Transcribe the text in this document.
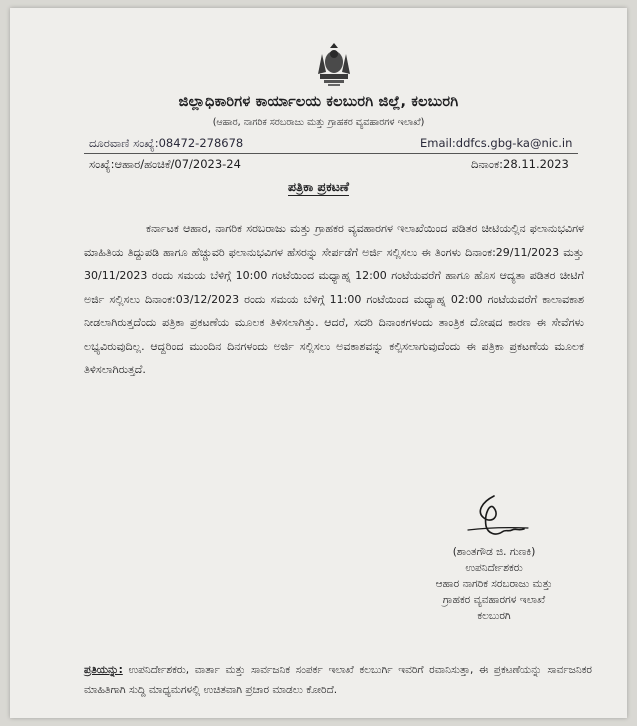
ಜಿಲ್ಲಾಧಿಕಾರಿಗಳ ಕಾರ್ಯಾಲಯ ಕಲಬುರಗಿ ಜಿಲ್ಲೆ, ಕಲಬುರಗಿ
(ಆಹಾರ, ನಾಗರಿಕ ಸರಬರಾಜು ಮತ್ತು ಗ್ರಾಹಕರ ವ್ಯವಹಾರಗಳ ಇಲಾಖೆ)
ದೂರವಾಣಿ ಸಂಖ್ಯೆ:08472-278678	Email:ddfcs.gbg-ka@nic.in
ಸಂಖ್ಯೆ:ಆಹಾರ/ಹಂಚಿಕೆ/07/2023-24	ದಿನಾಂಕ:28.11.2023
ಪತ್ರಿಕಾ ಪ್ರಕಟಣೆ

ಕರ್ನಾಟಕ ಆಹಾರ, ನಾಗರಿಕ ಸರಬರಾಜು ಮತ್ತು ಗ್ರಾಹಕರ ವ್ಯವಹಾರಗಳ ಇಲಾಖೆಯಿಂದ ಪಡಿತರ ಚೀಟಿಯಲ್ಲಿನ ಫಲಾನುಭವಿಗಳ ಮಾಹಿತಿಯ ತಿದ್ದುಪಡಿ ಹಾಗೂ ಹೆಚ್ಚುವರಿ ಫಲಾನುಭವಿಗಳ ಹೆಸರನ್ನು ಸೇರ್ಪಡೆಗೆ ಅರ್ಜಿ ಸಲ್ಲಿಸಲು ಈ ತಿಂಗಳು ದಿನಾಂಕ:29/11/2023 ಮತ್ತು 30/11/2023 ರಂದು ಸಮಯ ಬೆಳಿಗ್ಗೆ 10:00 ಗಂಟೆಯಿಂದ ಮಧ್ಯಾಹ್ನ 12:00 ಗಂಟೆಯವರೆಗೆ ಹಾಗೂ ಹೊಸ ಆದ್ಯತಾ ಪಡಿತರ ಚೀಟಿಗೆ ಅರ್ಜಿ ಸಲ್ಲಿಸಲು ದಿನಾಂಕ:03/12/2023 ರಂದು ಸಮಯ ಬೆಳಿಗ್ಗೆ 11:00 ಗಂಟೆಯಿಂದ ಮಧ್ಯಾಹ್ನ 02:00 ಗಂಟೆಯವರೆಗೆ ಕಾಲಾವಕಾಶ ನೀಡಲಾಗಿರುತ್ತದೆಂದು ಪತ್ರಿಕಾ ಪ್ರಕಟಣೆಯ ಮೂಲಕ ತಿಳಿಸಲಾಗಿತ್ತು. ಆದರೆ, ಸದರಿ ದಿನಾಂಕಗಳಂದು ತಾಂತ್ರಿಕ ದೋಷದ ಕಾರಣ ಈ ಸೇವೆಗಳು ಲಭ್ಯವಿರುವುದಿಲ್ಲ. ಆದ್ದರಿಂದ ಮುಂದಿನ ದಿನಗಳಂದು ಅರ್ಜಿ ಸಲ್ಲಿಸಲು ಅವಕಾಶವನ್ನು ಕಲ್ಪಿಸಲಾಗುವುದೆಂದು ಈ ಪತ್ರಿಕಾ ಪ್ರಕಟಣೆಯ ಮೂಲಕ ತಿಳಿಸಲಾಗಿರುತ್ತದೆ.

(ಶಾಂತಗೌಡ ಜಿ. ಗುಣಕಿ)
ಉಪನಿರ್ದೇಶಕರು
ಆಹಾರ ನಾಗರಿಕ ಸರಬರಾಜು ಮತ್ತು
ಗ್ರಾಹಕರ ವ್ಯವಹಾರಗಳ ಇಲಾಖೆ
ಕಲಬುರಗಿ

ಪ್ರತಿಯನ್ನು: ಉಪನಿರ್ದೇಶಕರು, ವಾರ್ತಾ ಮತ್ತು ಸಾರ್ವಜನಿಕ ಸಂಪರ್ಕ ಇಲಾಖೆ ಕಲಬುರ್ಗಿ ಇವರಿಗೆ ರವಾನಿಸುತ್ತಾ, ಈ ಪ್ರಕಟಣೆಯನ್ನು ಸಾರ್ವಜನಿಕರ ಮಾಹಿತಿಗಾಗಿ ಸುದ್ದಿ ಮಾಧ್ಯಮಗಳಲ್ಲಿ ಉಚಿತವಾಗಿ ಪ್ರಚಾರ ಮಾಡಲು ಕೋರಿದೆ.
